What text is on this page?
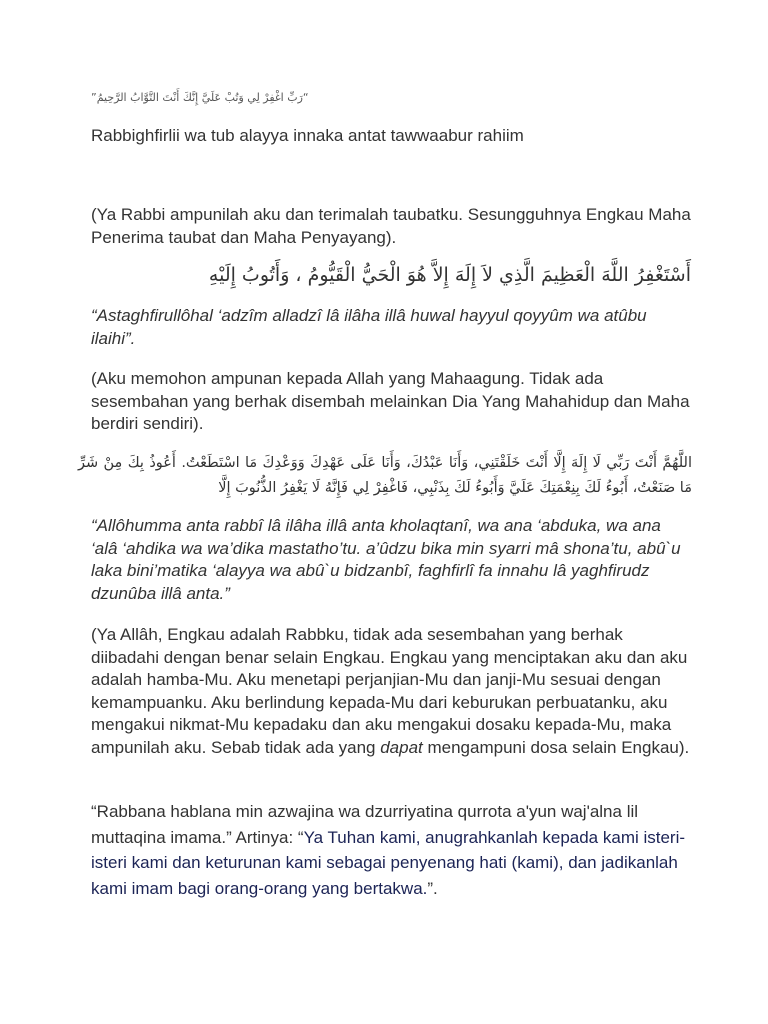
“رَبِّ اغْفِرْ لِي وَتُبْ عَلَيَّ إِنَّكَ أَنْتَ التَّوَّابُ الرَّحِيمُ”

Rabbighfirlii wa tub alayya innaka antat tawwaabur rahiim

(Ya Rabbi ampunilah aku dan terimalah taubatku. Sesungguhnya Engkau Maha Penerima taubat dan Maha Penyayang).

أَسْتَغْفِرُ اللَّهَ الْعَظِيمَ الَّذِي لاَ إِلَهَ إِلاَّ هُوَ الْحَيُّ الْقَيُّومُ ، وَأَتُوبُ إِلَيْهِ

“Astaghfirullôhal ‘adzîm alladzî lâ ilâha illâ huwal hayyul qoyyûm wa atûbu ilaihi”.

(Aku memohon ampunan kepada Allah yang Mahaagung. Tidak ada sesembahan yang berhak disembah melainkan Dia Yang Mahahidup dan Maha berdiri sendiri).

اللَّهُمَّ أَنْتَ رَبِّي لَا إِلَهَ إِلَّا أَنْتَ خَلَقْتَنِي، وَأَنَا عَبْدُكَ، وَأَنَا عَلَى عَهْدِكَ وَوَعْدِكَ مَا اسْتَطَعْتُ. أَعُوذُ بِكَ مِنْ شَرِّ مَا صَنَعْتُ، أَبُوءُ لَكَ بِنِعْمَتِكَ عَلَيَّ وَأَبُوءُ لَكَ بِذَنْبِي، فَاغْفِرْ لِي فَإِنَّهُ لَا يَغْفِرُ الذُّنُوبَ إِلَّا

“Allôhumma anta rabbî lâ ilâha illâ anta kholaqtanî, wa ana ‘abduka, wa ana ‘alâ ‘ahdika wa wa’dika mastatho’tu. a’ûdzu bika min syarri mâ shona’tu, abû`u laka bini’matika ‘alayya wa abû`u bidzanbî, faghfirlî fa innahu lâ yaghfirudz dzunûba illâ anta.”

(Ya Allâh, Engkau adalah Rabbku, tidak ada sesembahan yang berhak diibadahi dengan benar selain Engkau. Engkau yang menciptakan aku dan aku adalah hamba-Mu. Aku menetapi perjanjian-Mu dan janji-Mu sesuai dengan kemampuanku. Aku berlindung kepada-Mu dari keburukan perbuatanku, aku mengakui nikmat-Mu kepadaku dan aku mengakui dosaku kepada-Mu, maka ampunilah aku. Sebab tidak ada yang dapat mengampuni dosa selain Engkau).

“Rabbana hablana min azwajina wa dzurriyatina qurrota a'yun waj'alna lil muttaqina imama.” Artinya: “Ya Tuhan kami, anugrahkanlah kepada kami isteri-isteri kami dan keturunan kami sebagai penyenang hati (kami), dan jadikanlah kami imam bagi orang-orang yang bertakwa.”.
